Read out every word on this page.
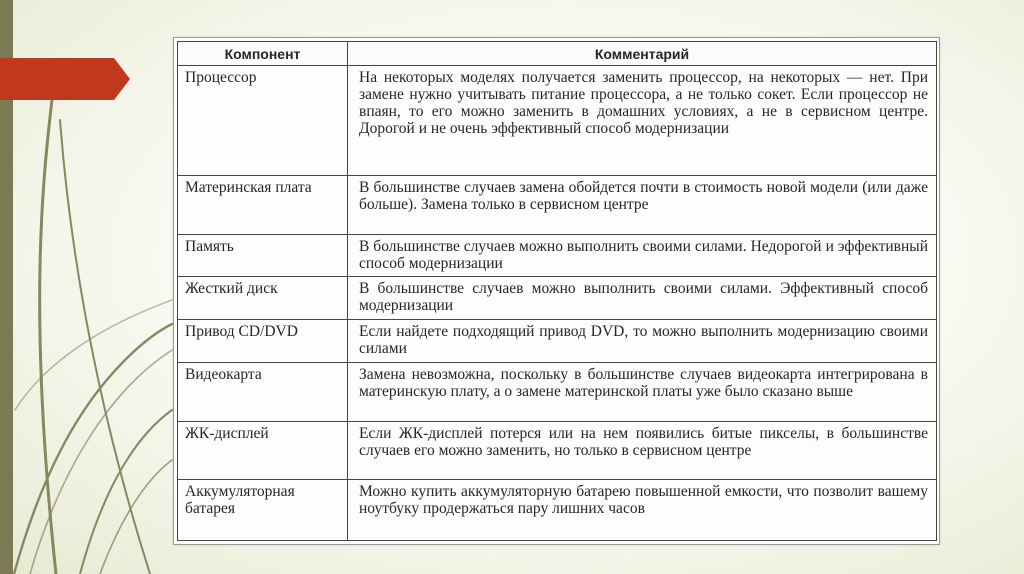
Компонент	Комментарий
Процессор	На некоторых моделях получается заменить процессор, на некоторых — нет. При замене нужно учитывать питание процессора, а не только сокет. Если процессор не впаян, то его можно заменить в домашних условиях, а не в сервисном центре. Дорогой и не очень эффективный способ модернизации
Материнская плата	В большинстве случаев замена обойдется почти в стоимость новой модели (или даже больше). Замена только в сервисном центре
Память	В большинстве случаев можно выполнить своими силами. Недорогой и эффективный способ модернизации
Жесткий диск	В большинстве случаев можно выполнить своими силами. Эффективный способ модернизации
Привод CD/DVD	Если найдете подходящий привод DVD, то можно выполнить модернизацию своими силами
Видеокарта	Замена невозможна, поскольку в большинстве случаев видеокарта интегрирована в материнскую плату, а о замене материнской платы уже было сказано выше
ЖК-дисплей	Если ЖК-дисплей потерся или на нем появились битые пикселы, в большинстве случаев его можно заменить, но только в сервисном центре
Аккумуляторная батарея	Можно купить аккумуляторную батарею повышенной емкости, что позволит вашему ноутбуку продержаться пару лишних часов
